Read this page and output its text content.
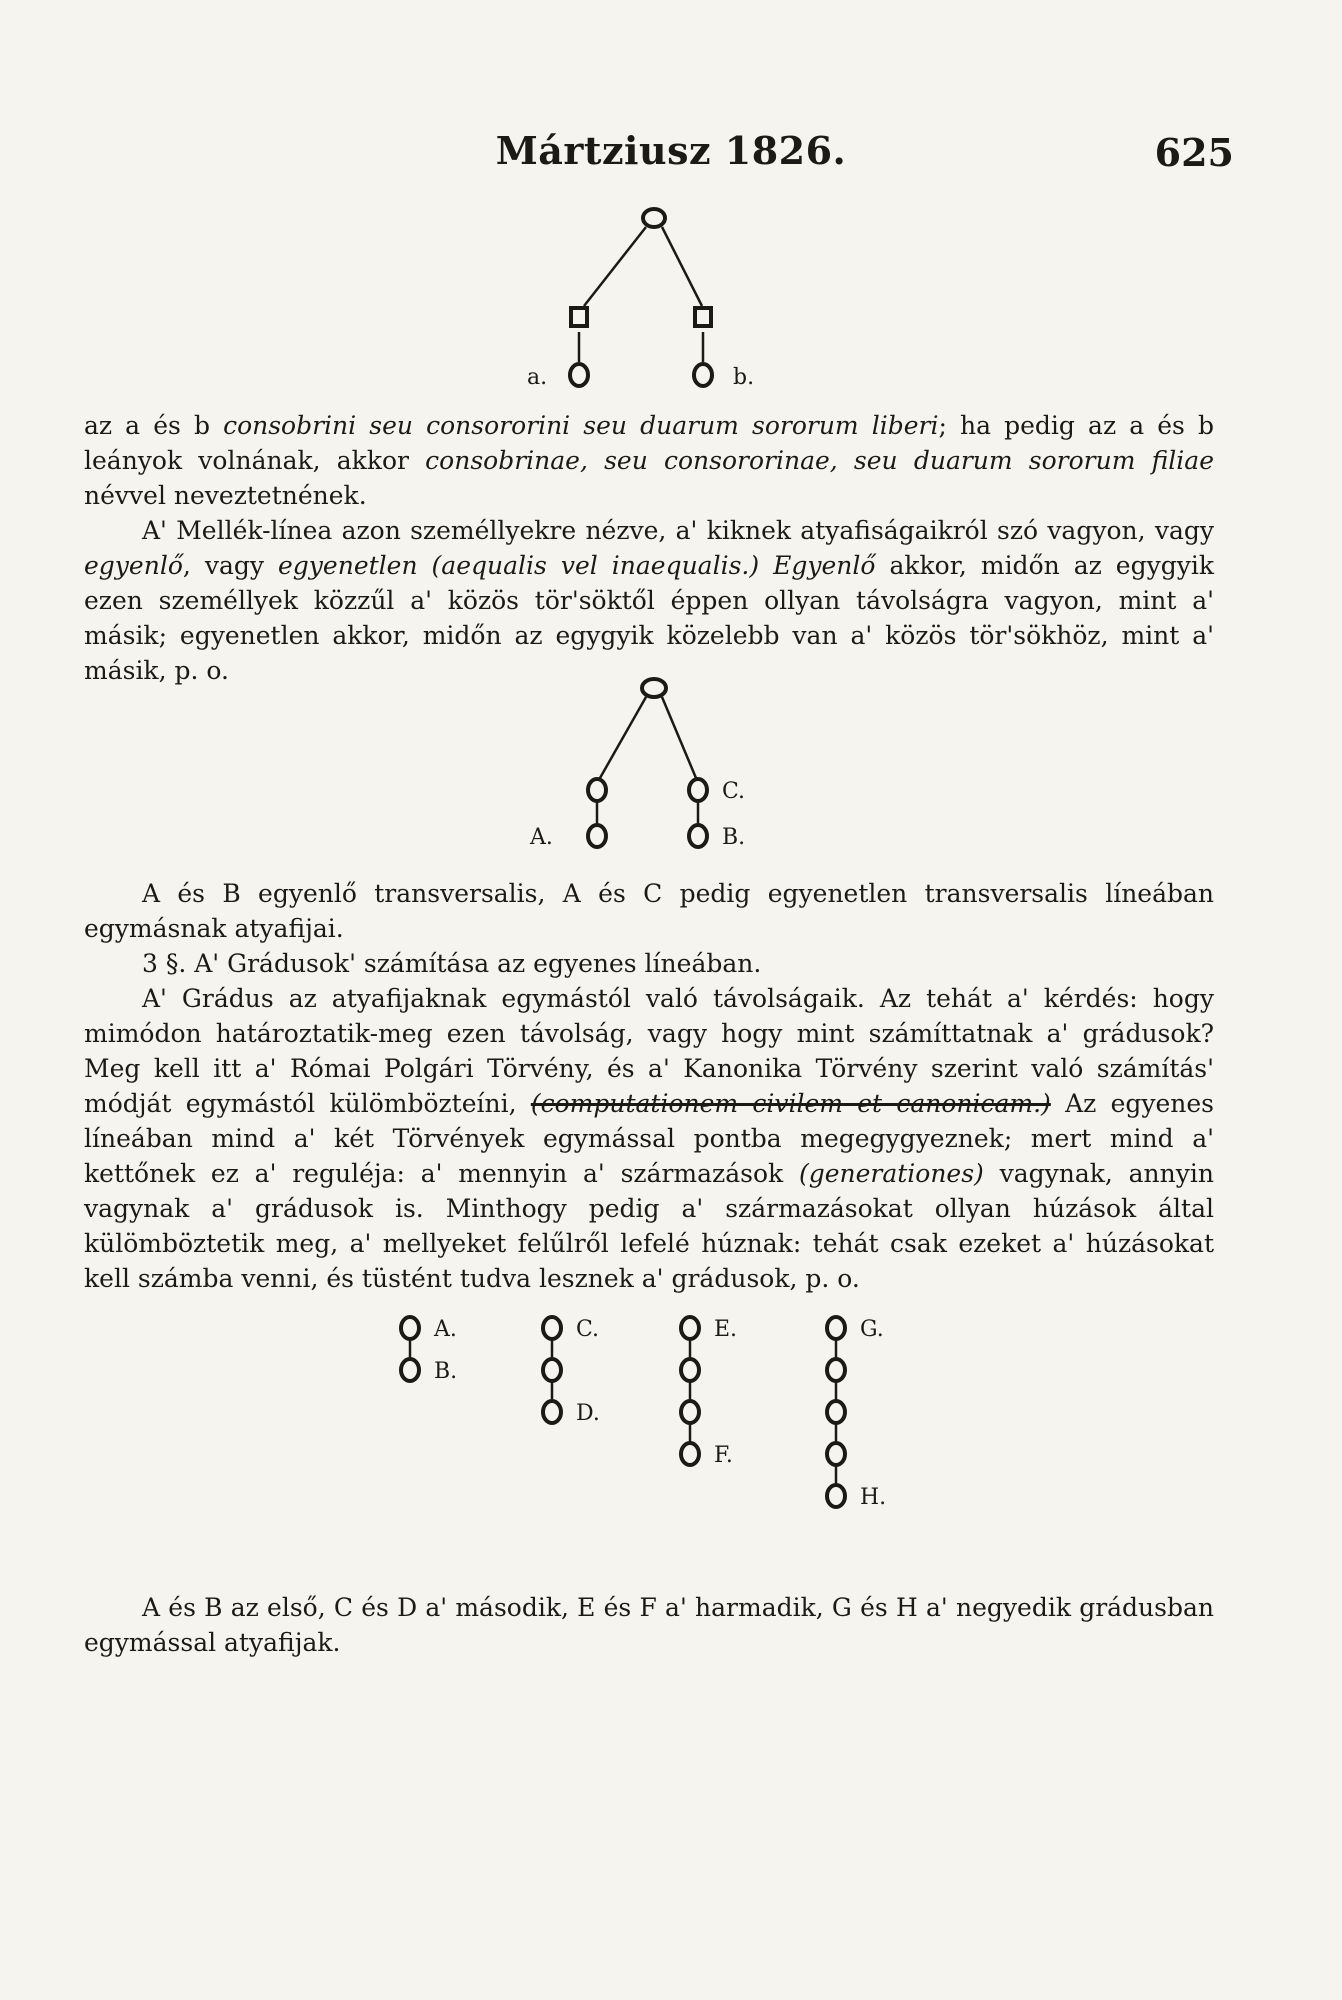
Mártziusz 1826.	625
a.	b.

az a és b consobrini seu consororini seu duarum sororum liberi; ha pedig az a és b leányok volnának, akkor consobrinae, seu consororinae, seu duarum sororum filiae névvel neveztetnének.

A' Mellék-línea azon személlyekre nézve, a' kiknek atyafiságaikról szó vagyon, vagy egyenlő, vagy egyenetlen (aequalis vel inaequalis.) Egyenlő akkor, midőn az egygyik ezen személlyek közzűl a' közös tör'söktől éppen ollyan távolságra vagyon, mint a' másik; egyenetlen akkor, midőn az egygyik közelebb van a' közös tör'sökhöz, mint a' másik, p. o.

C.
A.	B.

A és B egyenlő transversalis, A és C pedig egyenetlen transversalis líneában egymásnak atyafijai.

3 §. A' Grádusok' számítása az egyenes líneában.

A' Grádus az atyafijaknak egymástól való távolságaik. Az tehát a' kérdés: hogy mimódon határoztatik-meg ezen távolság, vagy hogy mint számíttatnak a' grádusok? Meg kell itt a' Római Polgári Törvény, és a' Kanonika Törvény szerint való számítás' módját egymástól külömbözteíni, (computationem civilem et canonicam.) Az egyenes líneában mind a' két Törvények egymással pontba megegygyeznek; mert mind a' kettőnek ez a' reguléja: a' mennyin a' származások (generationes) vagynak, annyin vagynak a' grádusok is. Minthogy pedig a' származásokat ollyan húzások által külömböztetik meg, a' mellyeket felűlről lefelé húznak: tehát csak ezeket a' húzásokat kell számba venni, és tüstént tudva lesznek a' grádusok, p. o.

A.
B.
C.
D.
E.
F.
G.
H.

A és B az első, C és D a' második, E és F a' harmadik, G és H a' negyedik grádusban egymással atyafijak.
